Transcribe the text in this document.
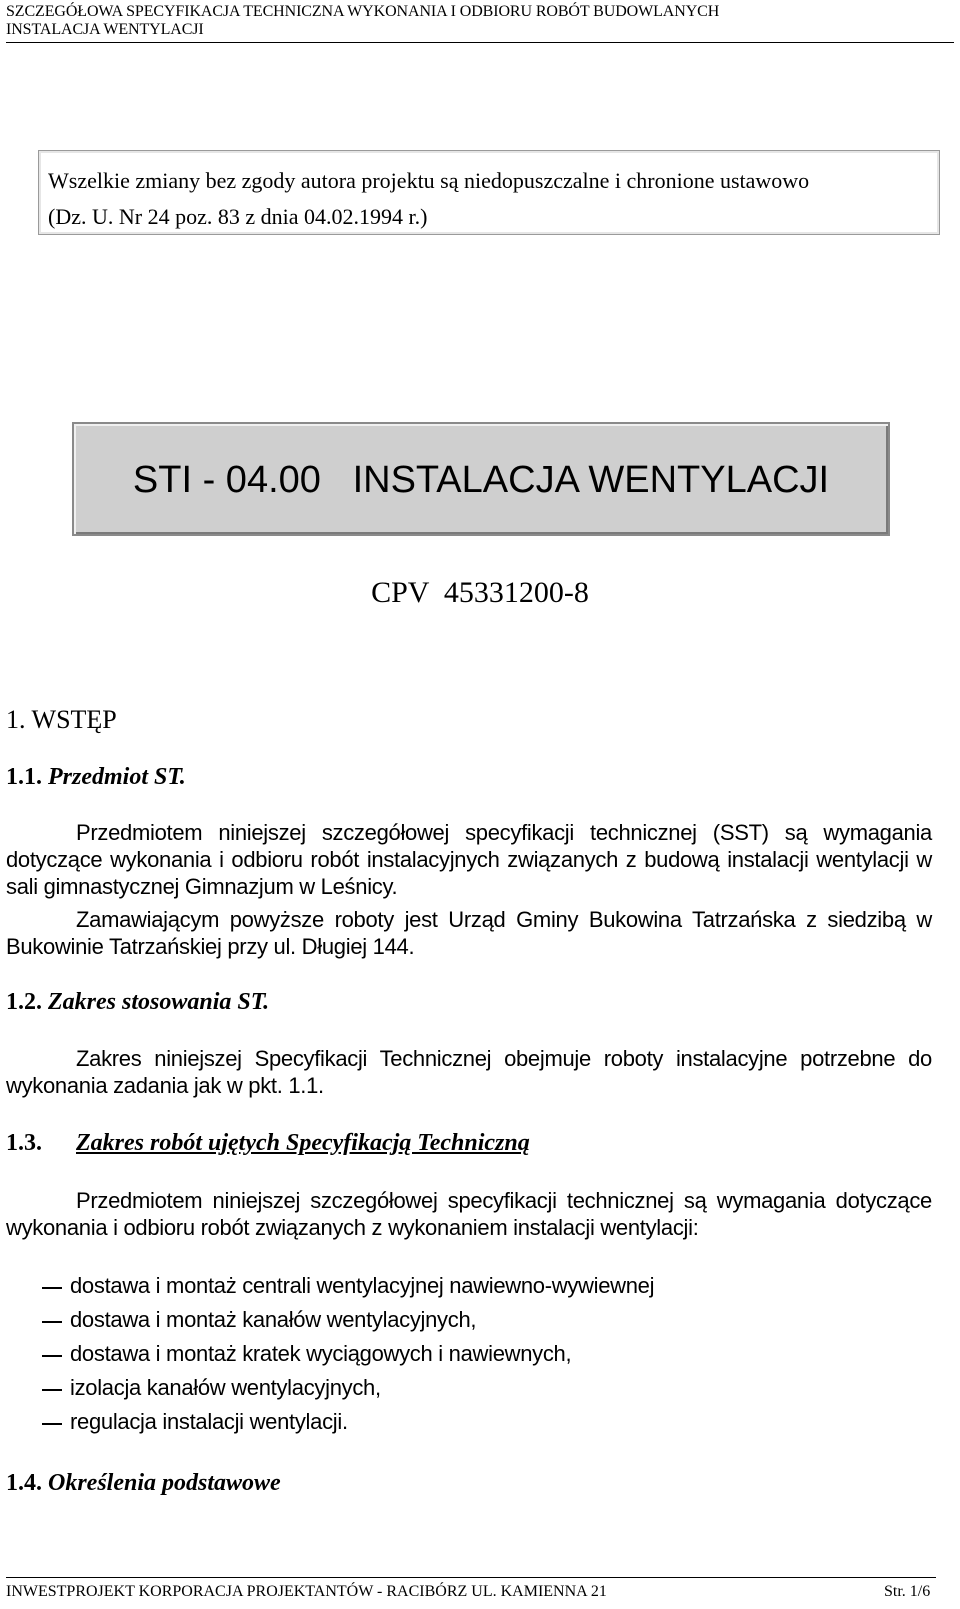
SZCZEGÓŁOWA SPECYFIKACJA TECHNICZNA WYKONANIA I ODBIORU ROBÓT BUDOWLANYCH
INSTALACJA WENTYLACJI
Wszelkie zmiany bez zgody autora projektu są niedopuszczalne i chronione ustawowo
(Dz. U. Nr 24 poz. 83 z dnia 04.02.1994 r.)
STI - 04.00   INSTALACJA WENTYLACJI
CPV  45331200-8
1. WSTĘP
1.1. Przedmiot ST.
Przedmiotem niniejszej szczegółowej specyfikacji technicznej (SST) są wymagania dotyczące wykonania i odbioru robót instalacyjnych związanych z budową instalacji wentylacji w sali gimnastycznej Gimnazjum w Leśnicy.
Zamawiającym powyższe roboty jest Urząd Gminy Bukowina Tatrzańska z siedzibą w Bukowinie Tatrzańskiej przy ul. Długiej 144.
1.2. Zakres stosowania ST.
Zakres niniejszej Specyfikacji Technicznej obejmuje roboty instalacyjne potrzebne do wykonania zadania jak w pkt. 1.1.
1.3. Zakres robót ujętych Specyfikacją Techniczną
Przedmiotem niniejszej szczegółowej specyfikacji technicznej są wymagania dotyczące wykonania i odbioru robót związanych z wykonaniem instalacji wentylacji:
dostawa i montaż centrali wentylacyjnej nawiewno-wywiewnej
dostawa i montaż kanałów wentylacyjnych,
dostawa i montaż kratek wyciągowych i nawiewnych,
izolacja kanałów wentylacyjnych,
regulacja instalacji wentylacji.
1.4. Określenia podstawowe
INWESTPROJEKT KORPORACJA PROJEKTANTÓW - RACIBÓRZ UL. KAMIENNA 21	Str. 1/6
